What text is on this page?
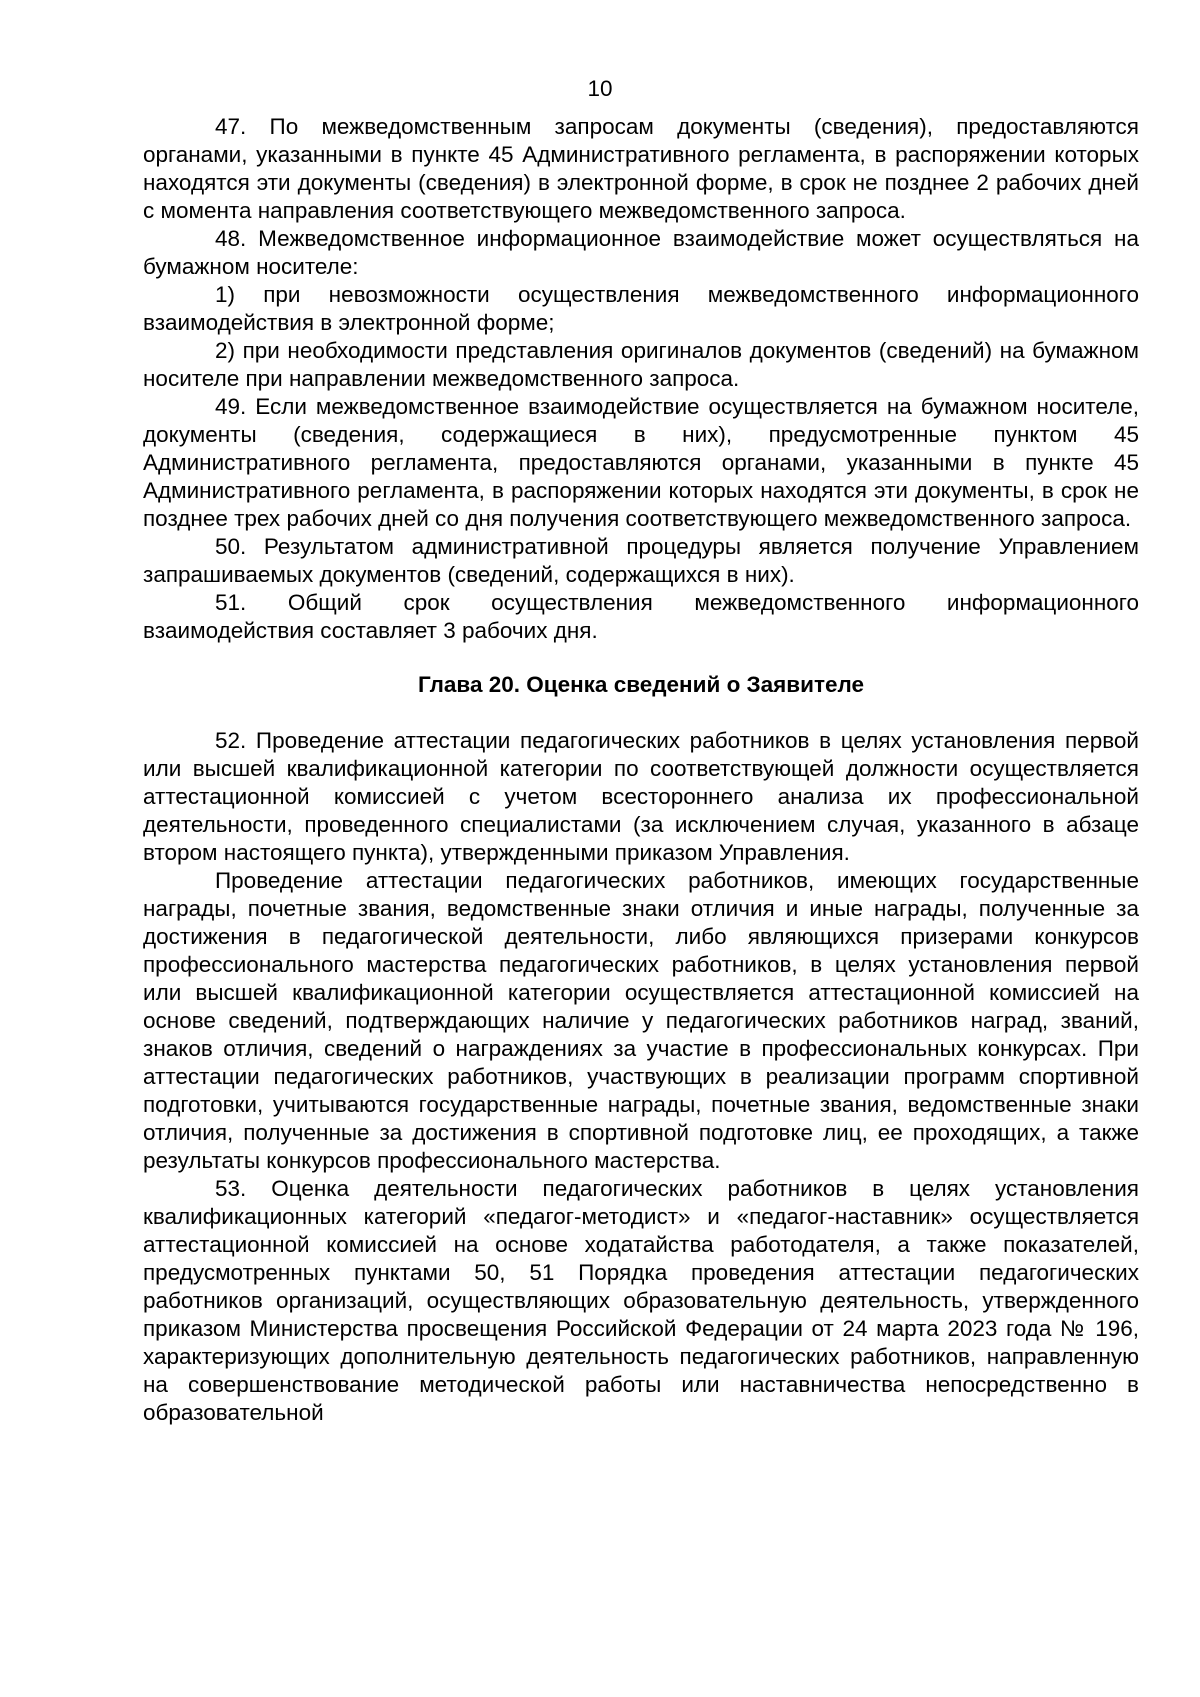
10

47. По межведомственным запросам документы (сведения), предоставляются органами, указанными в пункте 45 Административного регламента, в распоряжении которых находятся эти документы (сведения) в электронной форме, в срок не позднее 2 рабочих дней с момента направления соответствующего межведомственного запроса.

48. Межведомственное информационное взаимодействие может осуществляться на бумажном носителе:

1) при невозможности осуществления межведомственного информационного взаимодействия в электронной форме;

2) при необходимости представления оригиналов документов (сведений) на бумажном носителе при направлении межведомственного запроса.

49. Если межведомственное взаимодействие осуществляется на бумажном носителе, документы (сведения, содержащиеся в них), предусмотренные пунктом 45 Административного регламента, предоставляются органами, указанными в пункте 45 Административного регламента, в распоряжении которых находятся эти документы, в срок не позднее трех рабочих дней со дня получения соответствующего межведомственного запроса.

50. Результатом административной процедуры является получение Управлением запрашиваемых документов (сведений, содержащихся в них).

51. Общий срок осуществления межведомственного информационного взаимодействия составляет 3 рабочих дня.

Глава 20. Оценка сведений о Заявителе

52. Проведение аттестации педагогических работников в целях установления первой или высшей квалификационной категории по соответствующей должности осуществляется аттестационной комиссией с учетом всестороннего анализа их профессиональной деятельности, проведенного специалистами (за исключением случая, указанного в абзаце втором настоящего пункта), утвержденными приказом Управления.

Проведение аттестации педагогических работников, имеющих государственные награды, почетные звания, ведомственные знаки отличия и иные награды, полученные за достижения в педагогической деятельности, либо являющихся призерами конкурсов профессионального мастерства педагогических работников, в целях установления первой или высшей квалификационной категории осуществляется аттестационной комиссией на основе сведений, подтверждающих наличие у педагогических работников наград, званий, знаков отличия, сведений о награждениях за участие в профессиональных конкурсах. При аттестации педагогических работников, участвующих в реализации программ спортивной подготовки, учитываются государственные награды, почетные звания, ведомственные знаки отличия, полученные за достижения в спортивной подготовке лиц, ее проходящих, а также результаты конкурсов профессионального мастерства.

53. Оценка деятельности педагогических работников в целях установления квалификационных категорий «педагог-методист» и «педагог-наставник» осуществляется аттестационной комиссией на основе ходатайства работодателя, а также показателей, предусмотренных пунктами 50, 51 Порядка проведения аттестации педагогических работников организаций, осуществляющих образовательную деятельность, утвержденного приказом Министерства просвещения Российской Федерации от 24 марта 2023 года № 196, характеризующих дополнительную деятельность педагогических работников, направленную на совершенствование методической работы или наставничества непосредственно в образовательной
